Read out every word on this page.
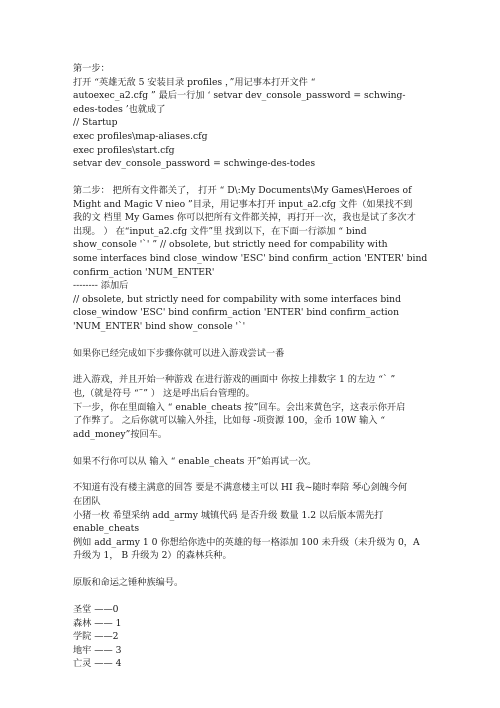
第一步：
打开 “英雄无敌 5 安装目录 profiles ，”用记事本打开文件 “
autoexec_a2.cfg ” 最后一行加 ‘ setvar dev_console_password = schwing-
edes-todes ’也就成了
// Startup
exec profiles\map-aliases.cfg
exec profiles\start.cfg
setvar dev_console_password = schwinge-des-todes
第二步： 把所有文件都关了， 打开 “ D\:My Documents\My Games\Heroes of
Might and Magic V nieo ”目录，用记事本打开 input_a2.cfg 文件（如果找不到
我的文 档里 My Games 你可以把所有文件都关掉，再打开一次，我也是试了多次才
出现。 ） 在“input_a2.cfg 文件”里 找到以下，在下面一行添加 “ bind
show_console '`' ” // obsolete, but strictly need for compability with
some interfaces bind close_window 'ESC' bind confirm_action 'ENTER' bind
confirm_action 'NUM_ENTER'
-------- 添加后
// obsolete, but strictly need for compability with some interfaces bind
close_window 'ESC' bind confirm_action 'ENTER' bind confirm_action
'NUM_ENTER' bind show_console '`'
如果你已经完成如下步骤你就可以进入游戏尝试一番
进入游戏，并且开始一种游戏 在进行游戏的画面中 你按上排数字 1 的左边 “` ”
也,（就是符号 “˜” ） 这是呼出后台管理的。
下一步，你在里面输入 “ enable_cheats 按”回车。会出来黄色字，这表示你开启
了作弊了。 之后你就可以输入外挂，比如每 -项资源 100，金币 10W 输入 “
add_money”按回车。
如果不行你可以从 输入 “ enable_cheats 开”始再试一次。
不知道有没有楼主满意的回答 要是不满意楼主可以 HI 我~随时奉陪 琴心剑魄今何
在团队
小猪一枚 希望采纳 add_army 城镇代码 是否升级 数量 1.2 以后版本需先打
enable_cheats
例如 add_army 1 0 你想给你选中的英雄的每一格添加 100 未升级（未升级为 0，A
升级为 1， B 升级为 2）的森林兵种。
原版和命运之锤种族编号。
圣堂 ——0
森林 —— 1
学院 ——2
地牢 —— 3
亡灵 —— 4
